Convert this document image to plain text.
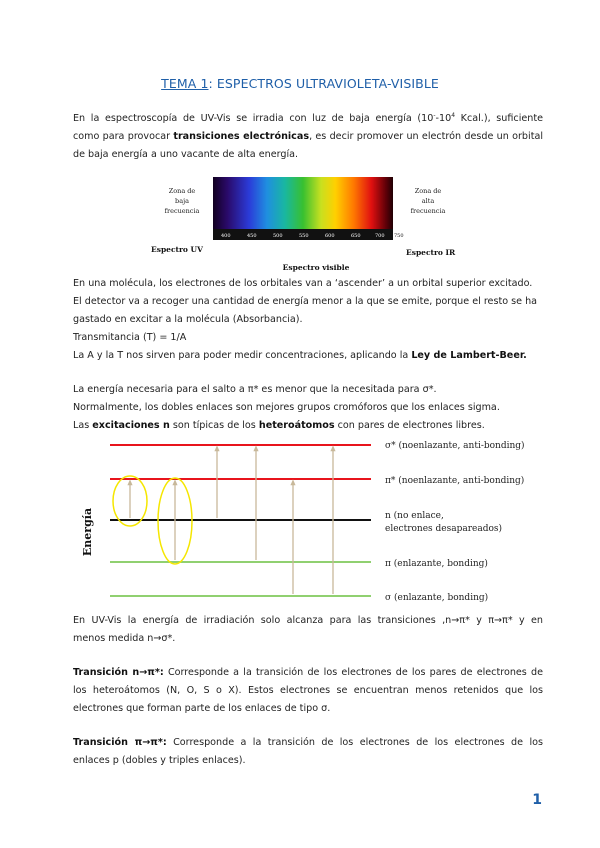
TEMA 1: ESPECTROS ULTRAVIOLETA-VISIBLE
En la espectroscopía de UV-Vis se irradia con luz de baja energía ($10^--10^4$ Kcal.), suficiente
como para provocar transiciones electrónicas, es decir promover un electrón desde un orbital
de baja energía a uno vacante de alta energía.
400	450	500	550	600	650	700 750
Zona de
baja
frecuencia
Zona de
alta
frecuencia
Espectro UV	Espectro IR
Espectro visible
En una molécula, los electrones de los orbitales van a ‘ascender’ a un orbital superior excitado.
El detector va a recoger una cantidad de energía menor a la que se emite, porque el resto se ha
gastado en excitar a la molécula (Absorbancia).
Transmitancia (T) = 1/A
La A y la T nos sirven para poder medir concentraciones, aplicando la Ley de Lambert-Beer.
La energía necesaria para el salto a π* es menor que la necesitada para σ*.
Normalmente, los dobles enlaces son mejores grupos cromóforos que los enlaces sigma.
Las excitaciones n son típicas de los heteroátomos con pares de electrones libres.
Energía
σ* (noenlazante, anti-bonding)
π* (noenlazante, anti-bonding)
n (no enlace,
electrones desapareados)
π (enlazante, bonding)
σ (enlazante, bonding)
En UV-Vis la energía de irradiación solo alcanza para las transiciones ,n→π* y π→π* y en
menos medida n→σ*.
Transición n→π*: Corresponde a la transición de los electrones de los pares de electrones de
los heteroátomos (N, O, S o X). Estos electrones se encuentran menos retenidos que los
electrones que forman parte de los enlaces de tipo σ.
Transición π→π*: Corresponde a la transición de los electrones de los electrones de los
enlaces p (dobles y triples enlaces).
1
